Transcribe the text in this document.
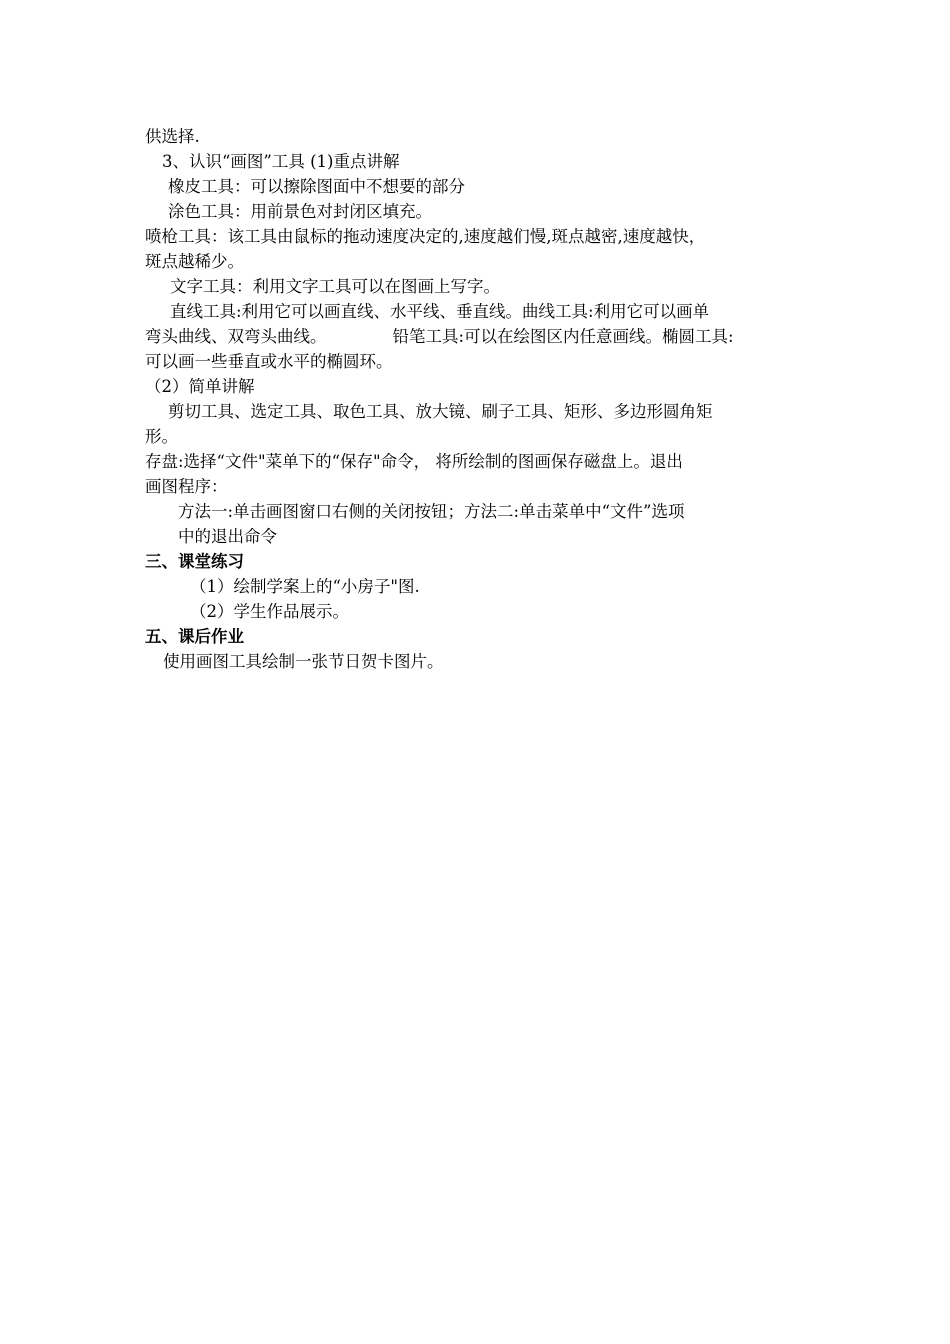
供选择.
3、认识“画图”工具 (1)重点讲解
橡皮工具：可以擦除图面中不想要的部分
涂色工具：用前景色对封闭区填充。
喷枪工具：该工具由鼠标的拖动速度决定的,速度越们慢,斑点越密,速度越快，
斑点越稀少。
文字工具：利用文字工具可以在图画上写字。
直线工具:利用它可以画直线、水平线、垂直线。曲线工具:利用它可以画单
弯头曲线、双弯头曲线。	铅笔工具:可以在绘图区内任意画线。椭圆工具:
可以画一些垂直或水平的椭圆环。
（2）简单讲解
剪切工具、选定工具、取色工具、放大镜、刷子工具、矩形、多边形圆角矩
形。
存盘:选择“文件"菜单下的“保存"命令， 将所绘制的图画保存磁盘上。退出
画图程序：
方法一:单击画图窗口右侧的关闭按钮；方法二:单击菜单中“文件”选项
中的退出命令
三、课堂练习
（1）绘制学案上的“小房子"图.
（2）学生作品展示。
五、课后作业
使用画图工具绘制一张节日贺卡图片。
